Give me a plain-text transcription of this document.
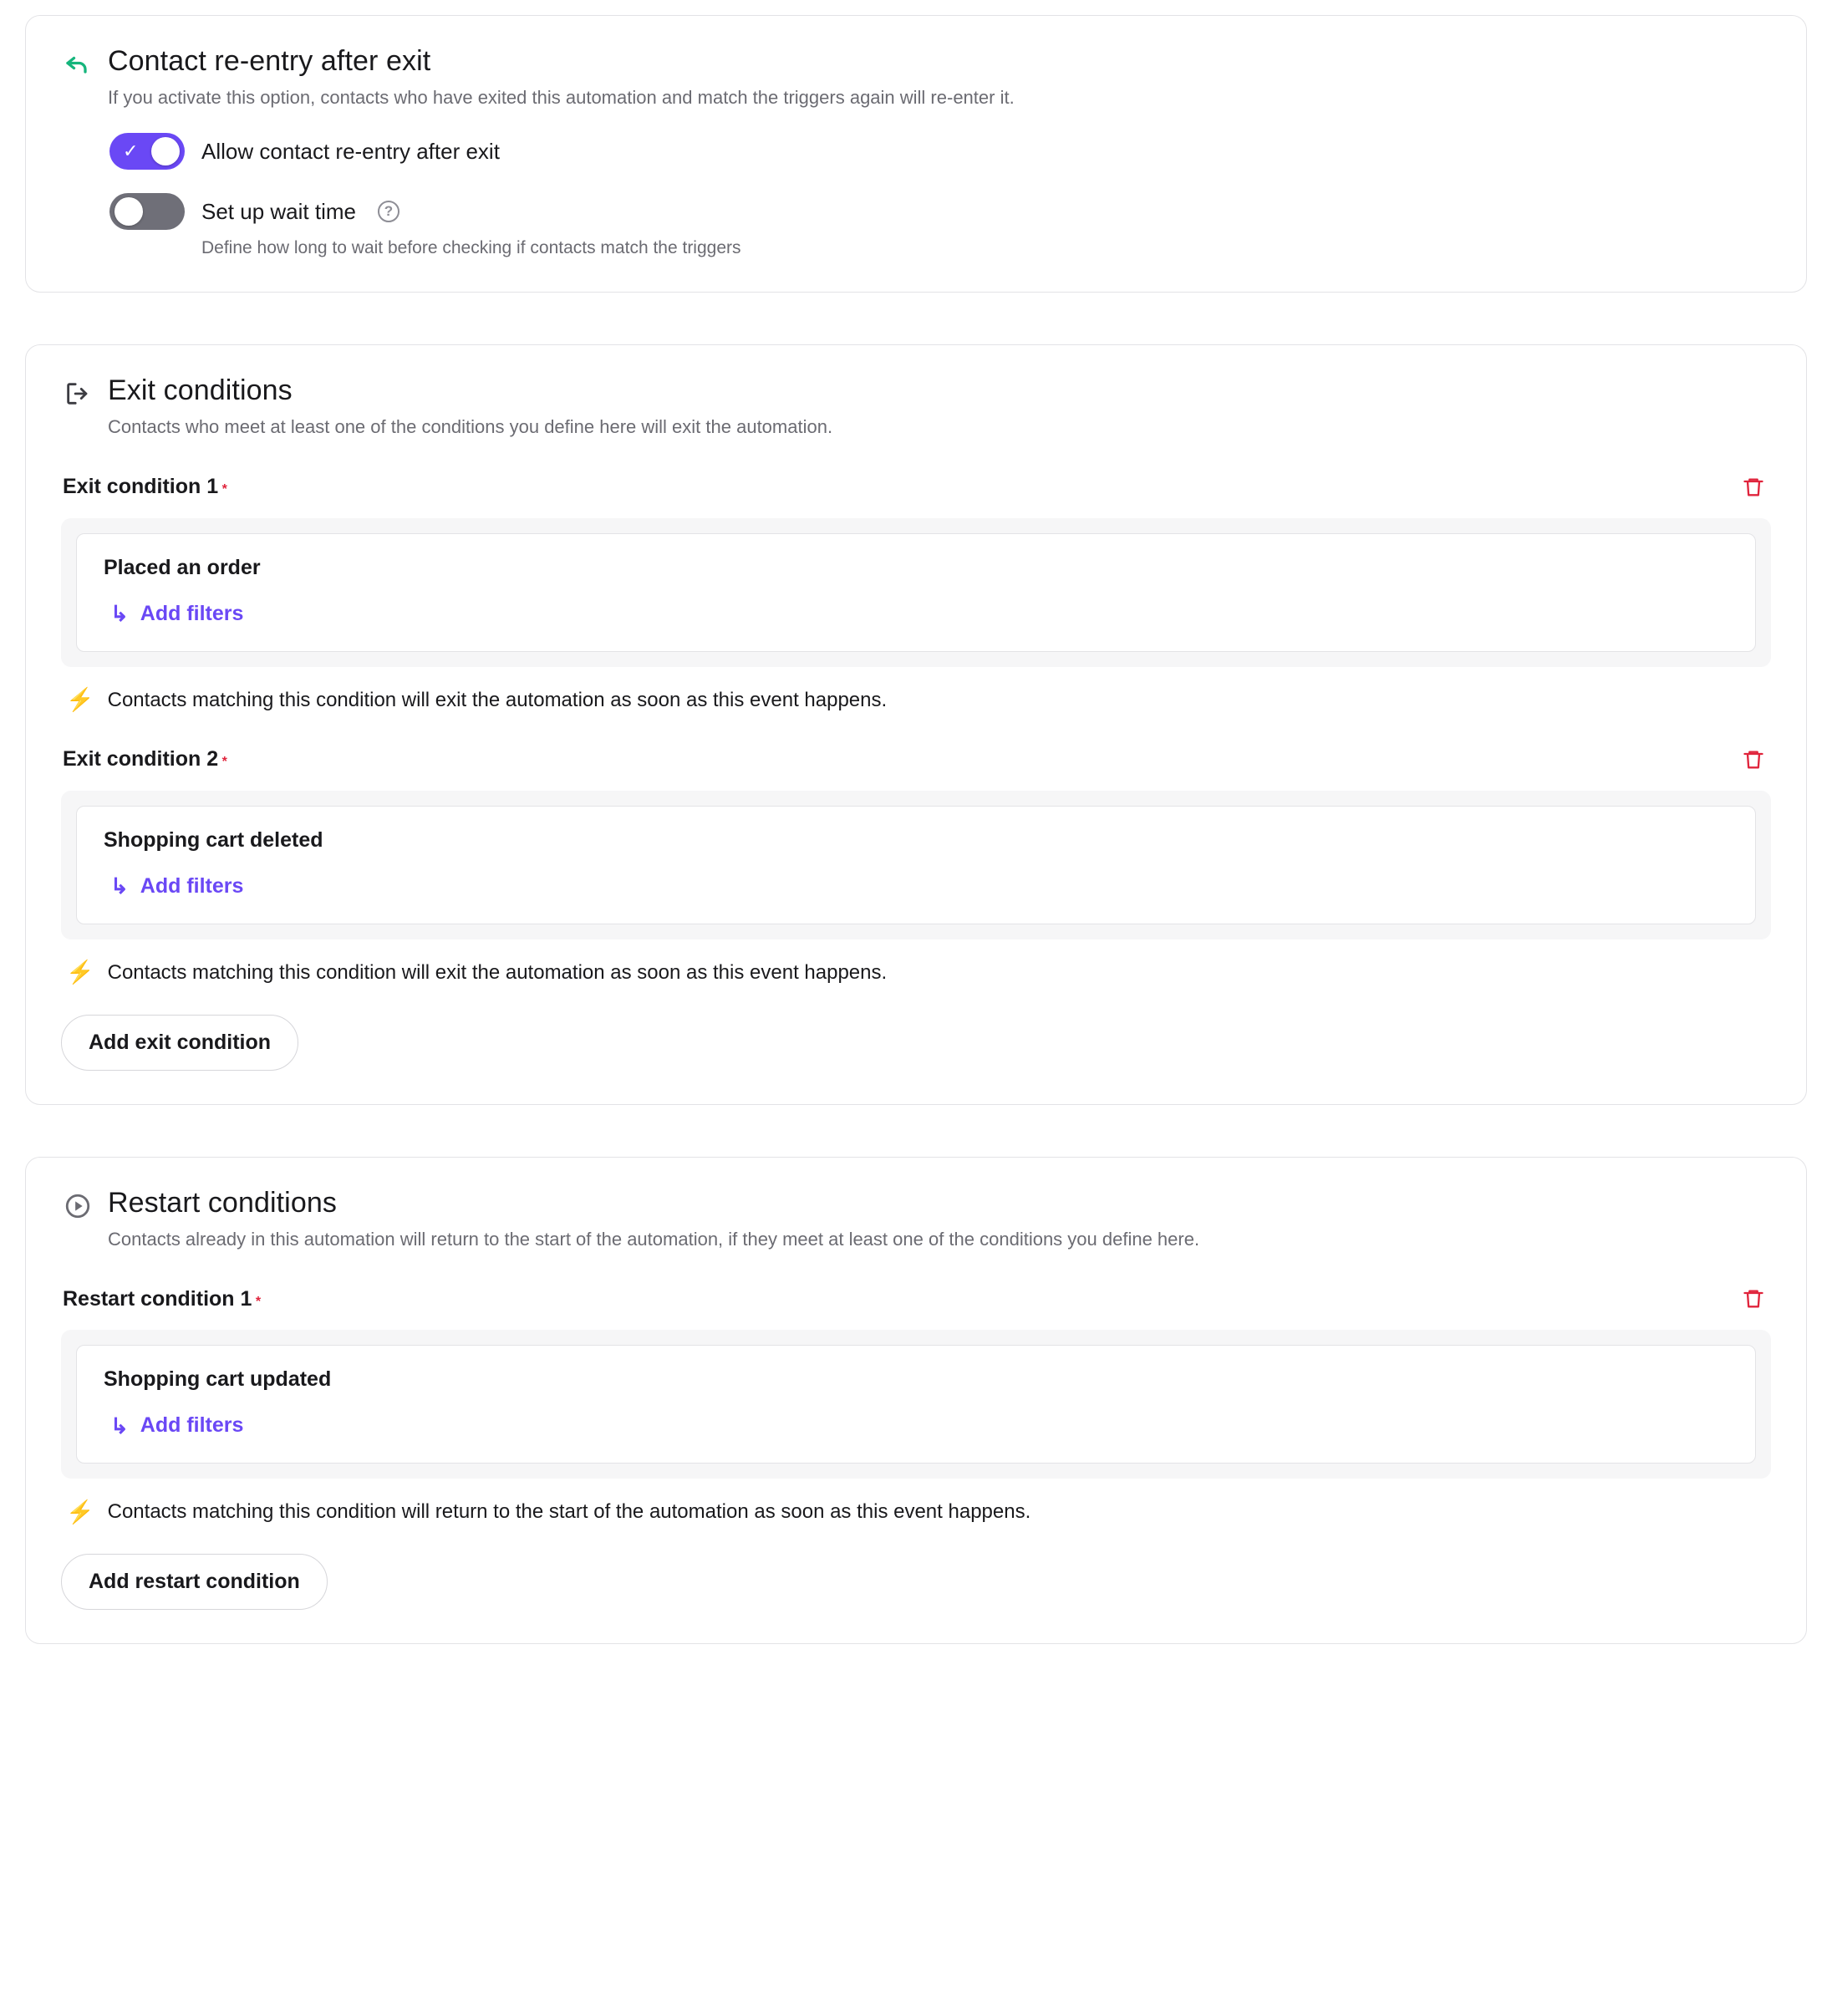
Contact re-entry after exit

If you activate this option, contacts who have exited this automation and match the triggers again will re-enter it.

✓	Allow contact re-entry after exit
Set up wait time	?

Define how long to wait before checking if contacts match the triggers

Exit conditions

Contacts who meet at least one of the conditions you define here will exit the automation.

Exit condition 1 *
Placed an order
↳ Add filters
⚡ Contacts matching this condition will exit the automation as soon as this event happens.
Exit condition 2 *
Shopping cart deleted
↳ Add filters
⚡ Contacts matching this condition will exit the automation as soon as this event happens.
Add exit condition
Restart conditions

Contacts already in this automation will return to the start of the automation, if they meet at least one of the conditions you define here.

Restart condition 1 *
Shopping cart updated
↳ Add filters
⚡ Contacts matching this condition will return to the start of the automation as soon as this event happens.
Add restart condition
